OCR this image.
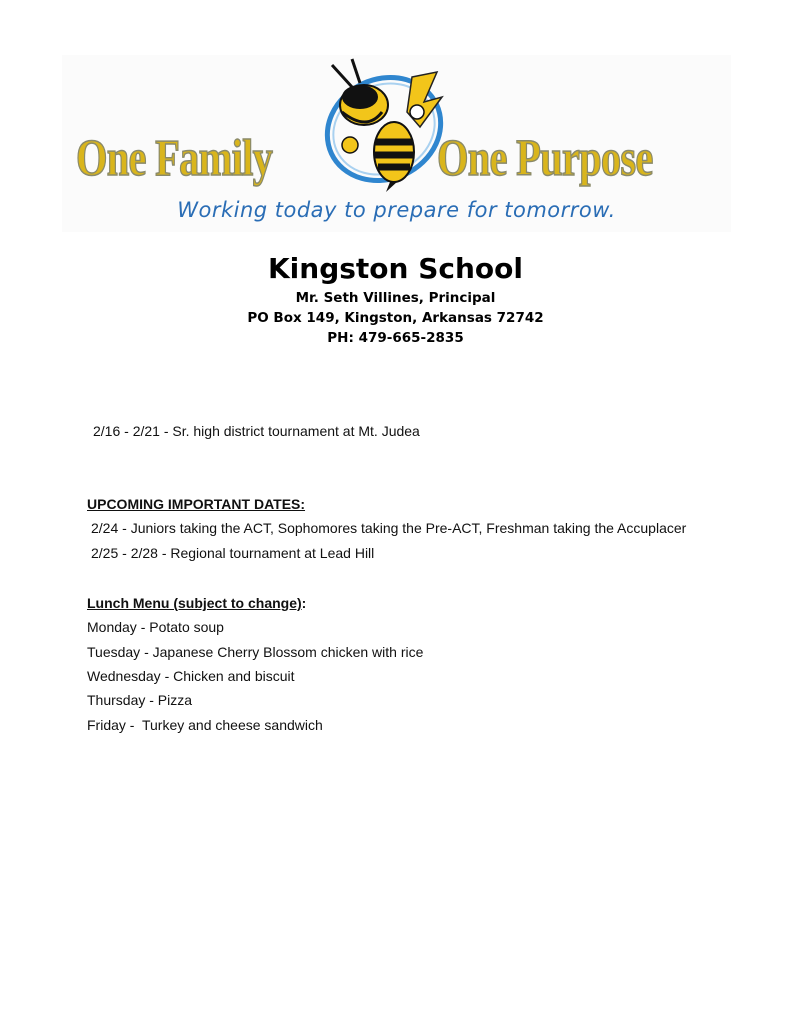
One Family	One Purpose
Working today to prepare for tomorrow.
Kingston School
Mr. Seth Villines, Principal
PO Box 149, Kingston, Arkansas 72742
PH: 479-665-2835
2/16 - 2/21 - Sr. high district tournament at Mt. Judea
UPCOMING IMPORTANT DATES:
2/24 - Juniors taking the ACT, Sophomores taking the Pre-ACT, Freshman taking the Accuplacer
2/25 - 2/28 - Regional tournament at Lead Hill
Lunch Menu (subject to change):
Monday - Potato soup
Tuesday - Japanese Cherry Blossom chicken with rice
Wednesday - Chicken and biscuit
Thursday - Pizza
Friday -  Turkey and cheese sandwich
